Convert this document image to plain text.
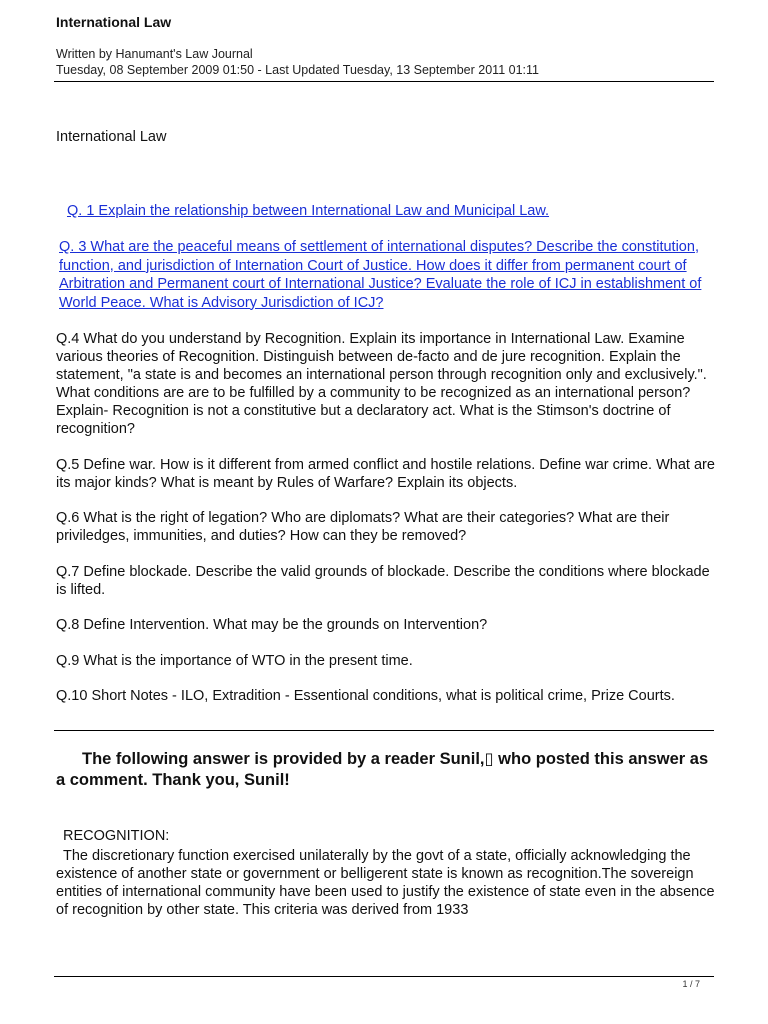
International Law
Written by Hanumant's Law Journal
Tuesday, 08 September 2009 01:50 - Last Updated Tuesday, 13 September 2011 01:11
International Law
Q. 1 Explain the relationship between International Law and Municipal Law.
Q. 3 What are the peaceful means of settlement of international disputes? Describe the constitution, function, and jurisdiction of Internation Court of Justice. How does it differ from permanent court of Arbitration and Permanent court of International Justice? Evaluate the role of ICJ in establishment of World Peace. What is Advisory Jurisdiction of ICJ?

Q.4 What do you understand by Recognition. Explain its importance in International Law. Examine various theories of Recognition. Distinguish between de-facto and de jure recognition. Explain the statement, "a state is and becomes an international person through recognition only and exclusively.". What conditions are are to be fulfilled by a community to be recognized as an international person? Explain- Recognition is not a constitutive but a declaratory act. What is the Stimson's doctrine of recognition?

Q.5 Define war. How is it different from armed conflict and hostile relations. Define war crime. What are its major kinds? What is meant by Rules of Warfare? Explain its objects.

Q.6 What is the right of legation? Who are diplomats? What are their categories? What are their priviledges, immunities, and duties? How can they be removed?

Q.7 Define blockade. Describe the valid grounds of blockade. Describe the conditions where blockade is lifted.

Q.8 Define Intervention. What may be the grounds on Intervention?

Q.9 What is the importance of WTO in the present time.

Q.10 Short Notes - ILO, Extradition - Essentional conditions, what is political crime, Prize Courts.

The following answer is provided by a reader Sunil,▯ who posted this answer as a comment. Thank you, Sunil!
RECOGNITION:
The discretionary function exercised unilaterally by the govt of a state, officially acknowledging the existence of another state or government or belligerent state is known as recognition.The sovereign entities of international community have been used to justify the existence of state even in the absence of recognition by other state. This criteria was derived from 1933
1 / 7
